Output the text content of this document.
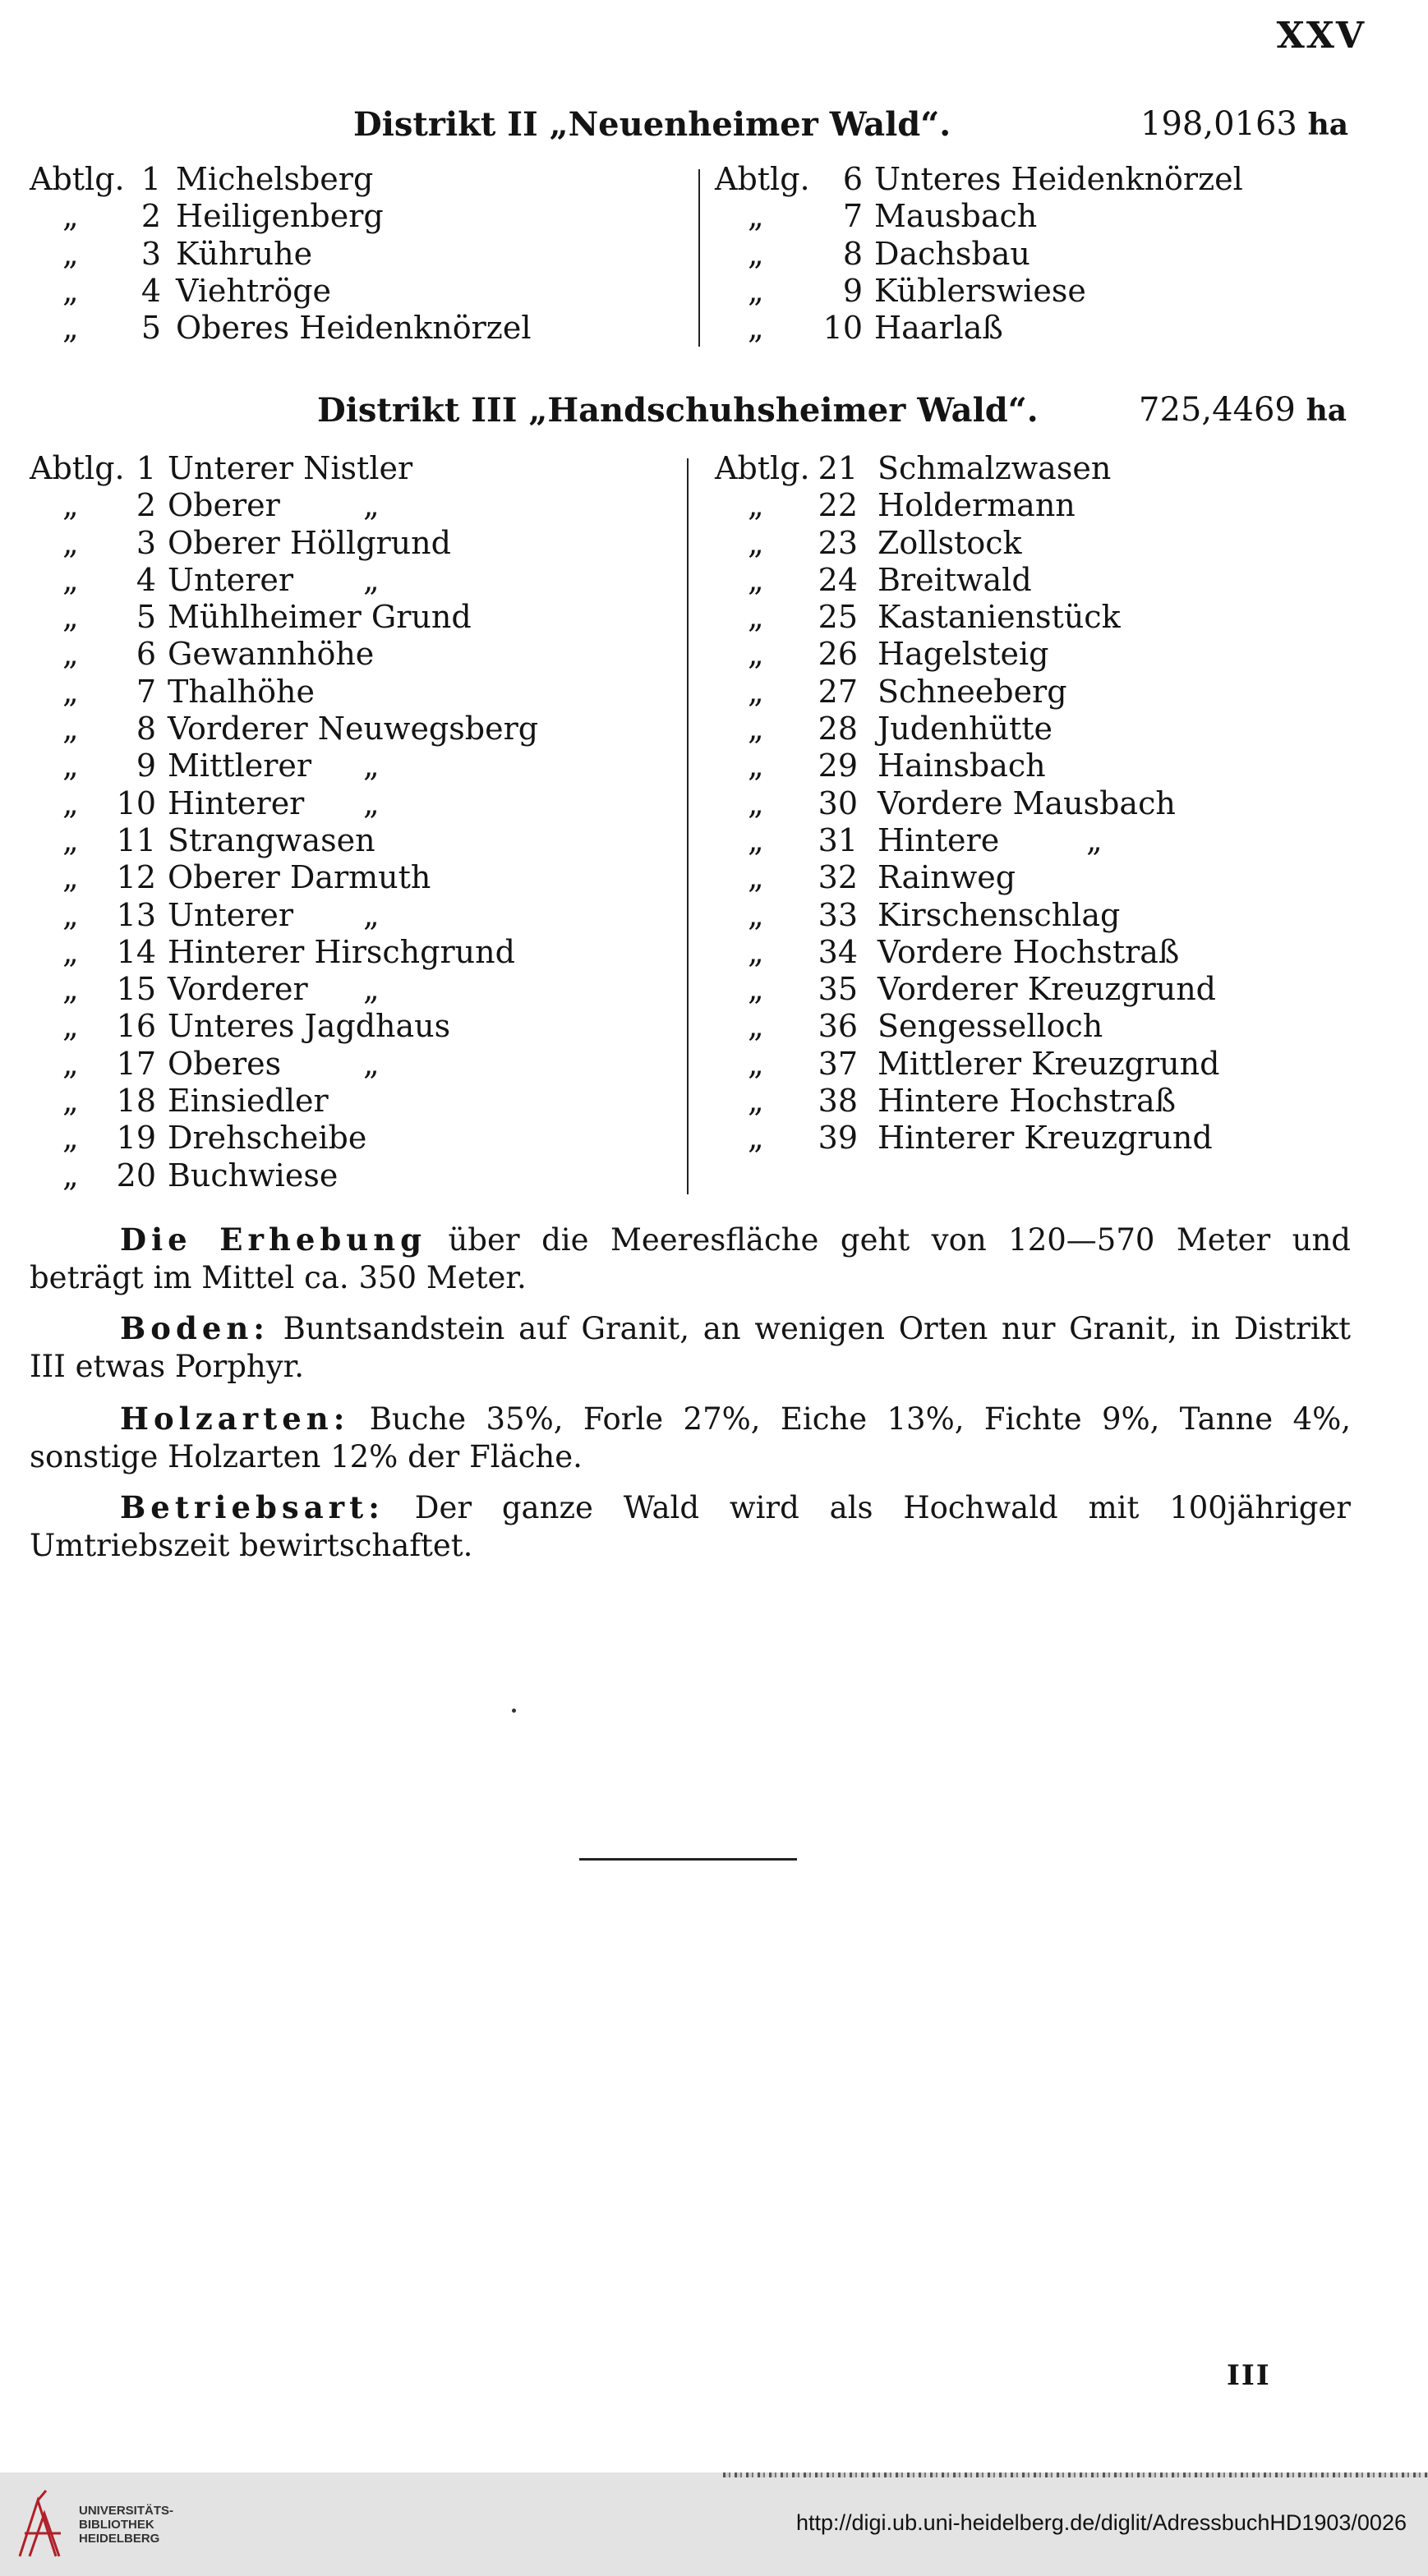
XXV
Distrikt II „Neuenheimer Wald“.	198,0163 ha
Abtlg. 1 Michelsberg
„	2 Heiligenberg
„	3 Kühruhe
„	4 Viehtröge
„	5 Oberes Heidenknörzel
Abtlg.	6 Unteres Heidenknörzel
„	7 Mausbach
„	8 Dachsbau
„	9 Küblerswiese
„	10 Haarlaß
Distrikt III „Handschuhsheimer Wald“.	725,4469 ha
Abtlg. 1 Unterer Nistler
„	2 Oberer	„
„	3 Oberer Höllgrund
„	4 Unterer „
„	5 Mühlheimer Grund
„	6 Gewannhöhe
„	7 Thalhöhe
„	8 Vorderer Neuwegsberg
„	9 Mittlerer „
„ 10 Hinterer „
„ 11 Strangwasen
„ 12 Oberer Darmuth
„ 13 Unterer „
„ 14 Hinterer Hirschgrund
„ 15 Vorderer „
„ 16 Unteres Jagdhaus
„ 17 Oberes	„
„ 18 Einsiedler
„ 19 Drehscheibe
„ 20 Buchwiese
Abtlg. 21 Schmalzwasen
„ 22 Holdermann
„ 23 Zollstock
„ 24 Breitwald
„ 25 Kastanienstück
„ 26 Hagelsteig
„ 27 Schneeberg
„ 28 Judenhütte
„ 29 Hainsbach
„ 30 Vordere Mausbach
„ 31 Hintere	„
„ 32 Rainweg
„ 33 Kirschenschlag
„ 34 Vordere Hochstraß
„ 35 Vorderer Kreuzgrund
„ 36 Sengesselloch
„ 37 Mittlerer Kreuzgrund
„ 38 Hintere Hochstraß
„ 39 Hinterer Kreuzgrund
Die Erhebung über die Meeresfläche geht von 120—570 Meter und beträgt im Mittel ca. 350 Meter.
Boden: Buntsandstein auf Granit, an wenigen Orten nur Granit, in Distrikt III etwas Porphyr.
Holzarten: Buche 35%, Forle 27%, Eiche 13%, Fichte 9%, Tanne 4%, sonstige Holzarten 12% der Fläche.
Betriebsart: Der ganze Wald wird als Hochwald mit 100jähriger Umtriebszeit bewirtschaftet.
III
UNIVERSITÄTS-
BIBLIOTHEK
HEIDELBERG
http://digi.ub.uni-heidelberg.de/diglit/AdressbuchHD1903/0026
